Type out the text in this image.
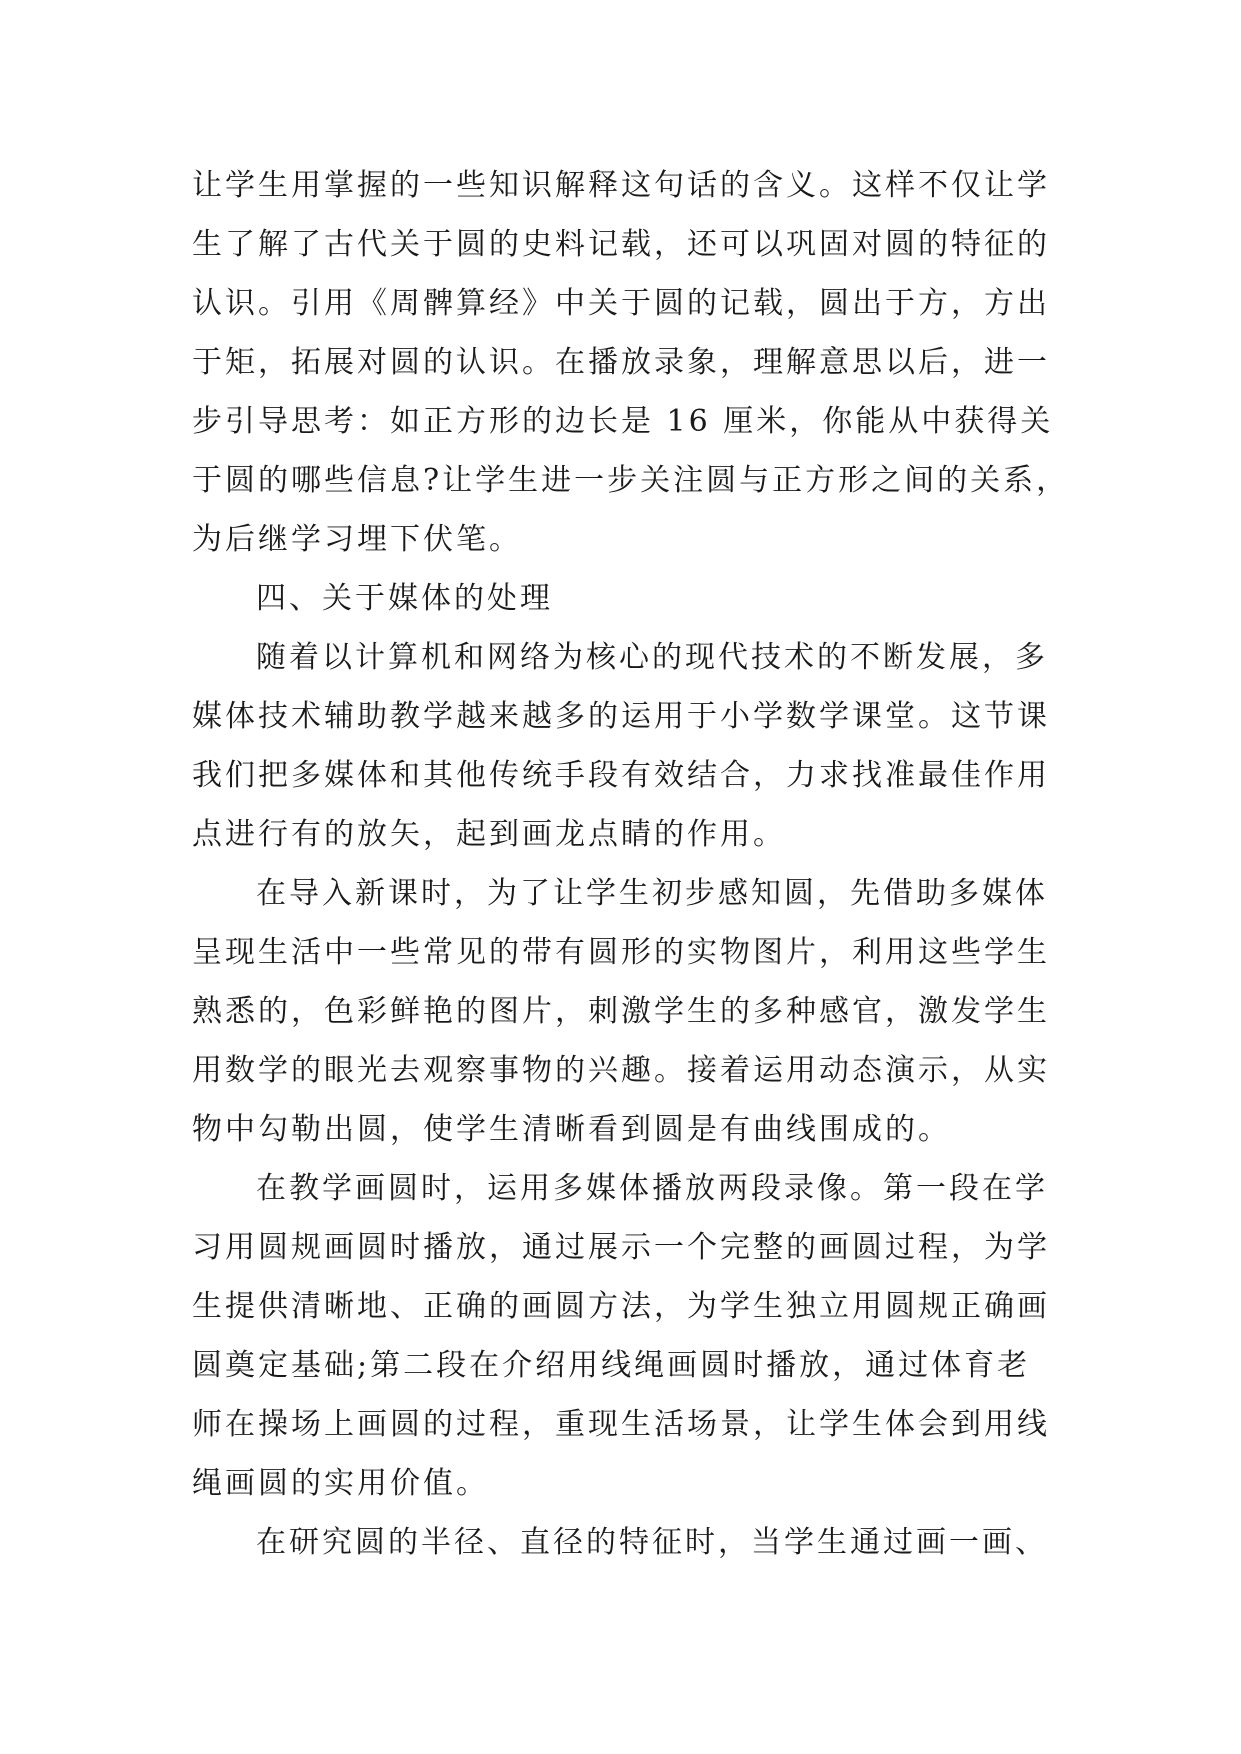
让学生用掌握的一些知识解释这句话的含义。这样不仅让学
生了解了古代关于圆的史料记载，还可以巩固对圆的特征的
认识。引用《周髀算经》中关于圆的记载，圆出于方，方出
于矩，拓展对圆的认识。在播放录象，理解意思以后，进一
步引导思考：如正方形的边长是 16 厘米，你能从中获得关
于圆的哪些信息?让学生进一步关注圆与正方形之间的关系，
为后继学习埋下伏笔。
四、关于媒体的处理
随着以计算机和网络为核心的现代技术的不断发展，多
媒体技术辅助教学越来越多的运用于小学数学课堂。这节课
我们把多媒体和其他传统手段有效结合，力求找准最佳作用
点进行有的放矢，起到画龙点睛的作用。
在导入新课时，为了让学生初步感知圆，先借助多媒体
呈现生活中一些常见的带有圆形的实物图片，利用这些学生
熟悉的，色彩鲜艳的图片，刺激学生的多种感官，激发学生
用数学的眼光去观察事物的兴趣。接着运用动态演示，从实
物中勾勒出圆，使学生清晰看到圆是有曲线围成的。
在教学画圆时，运用多媒体播放两段录像。第一段在学
习用圆规画圆时播放，通过展示一个完整的画圆过程，为学
生提供清晰地、正确的画圆方法，为学生独立用圆规正确画
圆奠定基础;第二段在介绍用线绳画圆时播放，通过体育老
师在操场上画圆的过程，重现生活场景，让学生体会到用线
绳画圆的实用价值。
在研究圆的半径、直径的特征时，当学生通过画一画、
